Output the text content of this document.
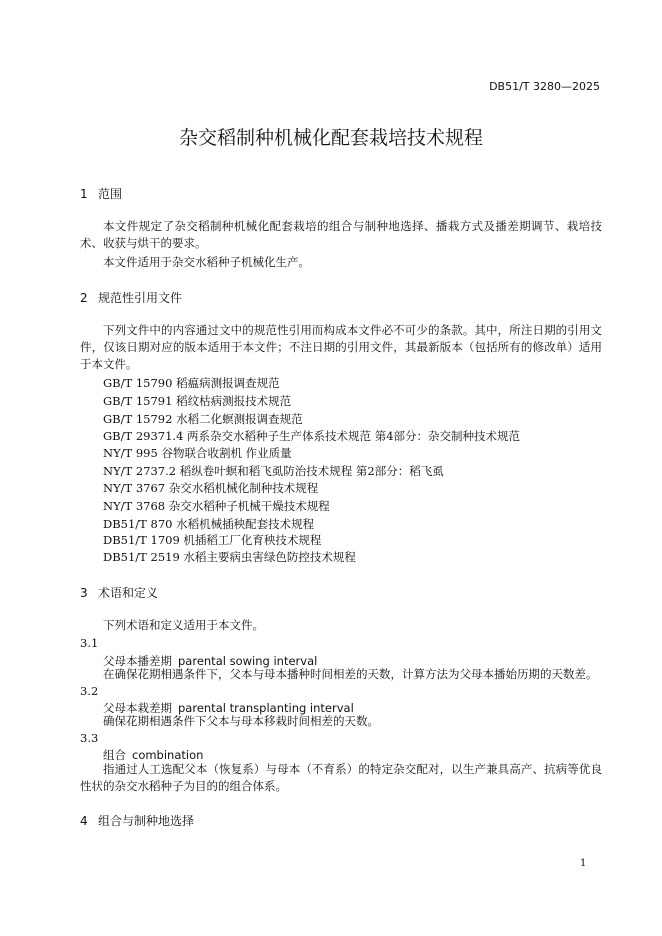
DB51/T 3280—2025
杂交稻制种机械化配套栽培技术规程
1 范围
本文件规定了杂交稻制种机械化配套栽培的组合与制种地选择、播栽方式及播差期调节、栽培技术、收获与烘干的要求。
本文件适用于杂交水稻种子机械化生产。
2 规范性引用文件
下列文件中的内容通过文中的规范性引用而构成本文件必不可少的条款。其中，所注日期的引用文件，仅该日期对应的版本适用于本文件；不注日期的引用文件，其最新版本（包括所有的修改单）适用于本文件。
GB/T 15790 稻瘟病测报调查规范
GB/T 15791 稻纹枯病测报技术规范
GB/T 15792 水稻二化螟测报调查规范
GB/T 29371.4 两系杂交水稻种子生产体系技术规范 第4部分：杂交制种技术规范
NY/T 995 谷物联合收割机 作业质量
NY/T 2737.2 稻纵卷叶螟和稻飞虱防治技术规程 第2部分：稻飞虱
NY/T 3767 杂交水稻机械化制种技术规程
NY/T 3768 杂交水稻种子机械干燥技术规程
DB51/T 870 水稻机械插秧配套技术规程
DB51/T 1709 机插稻工厂化育秧技术规程
DB51/T 2519 水稻主要病虫害绿色防控技术规程
3 术语和定义
下列术语和定义适用于本文件。
3.1
父母本播差期 parental sowing interval
在确保花期相遇条件下，父本与母本播种时间相差的天数，计算方法为父母本播始历期的天数差。
3.2
父母本栽差期 parental transplanting interval
确保花期相遇条件下父本与母本移栽时间相差的天数。
3.3
组合 combination
指通过人工选配父本（恢复系）与母本（不育系）的特定杂交配对，以生产兼具高产、抗病等优良性状的杂交水稻种子为目的的组合体系。
4 组合与制种地选择
1
